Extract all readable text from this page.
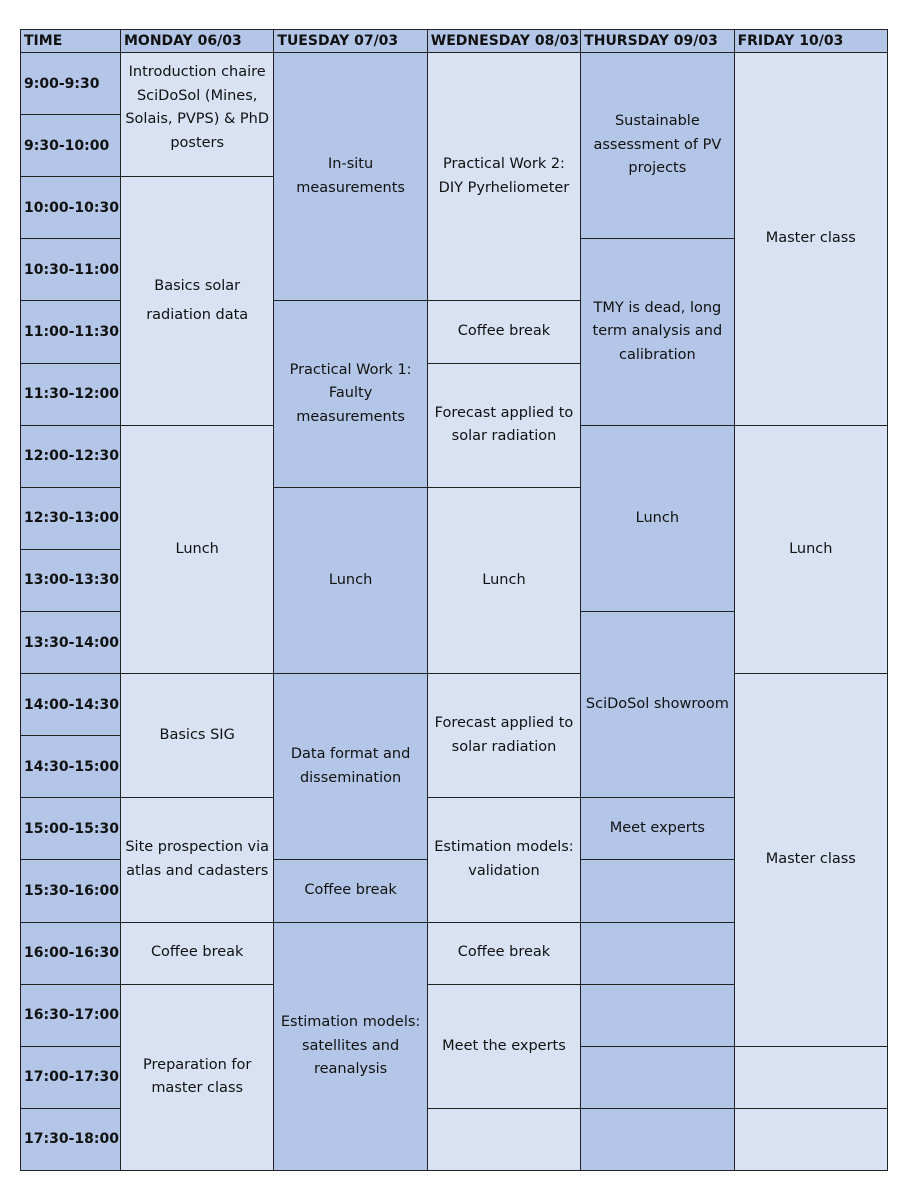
TIME	MONDAY 06/03	TUESDAY 07/03	WEDNESDAY 08/03	THURSDAY 09/03	FRIDAY 10/03
9:00-9:30	Introduction chaire SciDoSol (Mines, Solais, PVPS) & PhD posters	In-situ measurements	Practical Work 2: DIY Pyrheliometer	Sustainable assessment of PV projects	Master class
9:30-10:00					
10:00-10:30	Basics solar radiation data				
10:30-11:00				TMY is dead, long term analysis and calibration	
11:00-11:30		Practical Work 1: Faulty measurements	Coffee break		
11:30-12:00			Forecast applied to solar radiation		
12:00-12:30	Lunch			Lunch	Lunch
12:30-13:00		Lunch	Lunch		
13:00-13:30					
13:30-14:00				SciDoSol showroom	
14:00-14:30	Basics SIG	Data format and dissemination	Forecast applied to solar radiation		Master class
14:30-15:00					
15:00-15:30	Site prospection via atlas and cadasters		Estimation models: validation	Meet experts	
15:30-16:00		Coffee break			
16:00-16:30	Coffee break	Estimation models: satellites and reanalysis	Coffee break		
16:30-17:00	Preparation for master class		Meet the experts		
17:00-17:30					
17:30-18:00					
